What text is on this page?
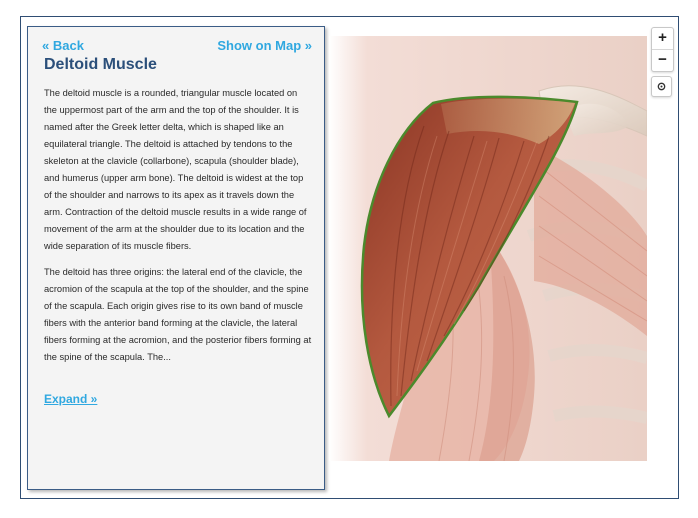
« Back	Show on Map »
Deltoid Muscle

The deltoid muscle is a rounded, triangular muscle located on the uppermost part of the arm and the top of the shoulder. It is named after the Greek letter delta, which is shaped like an equilateral triangle. The deltoid is attached by tendons to the skeleton at the clavicle (collarbone), scapula (shoulder blade), and humerus (upper arm bone). The deltoid is widest at the top of the shoulder and narrows to its apex as it travels down the arm. Contraction of the deltoid muscle results in a wide range of movement of the arm at the shoulder due to its location and the wide separation of its muscle fibers.

The deltoid has three origins: the lateral end of the clavicle, the acromion of the scapula at the top of the shoulder, and the spine of the scapula. Each origin gives rise to its own band of muscle fibers with the anterior band forming at the clavicle, the lateral fibers forming at the acromion, and the posterior fibers forming at the spine of the scapula. The...

Expand »
+
−
